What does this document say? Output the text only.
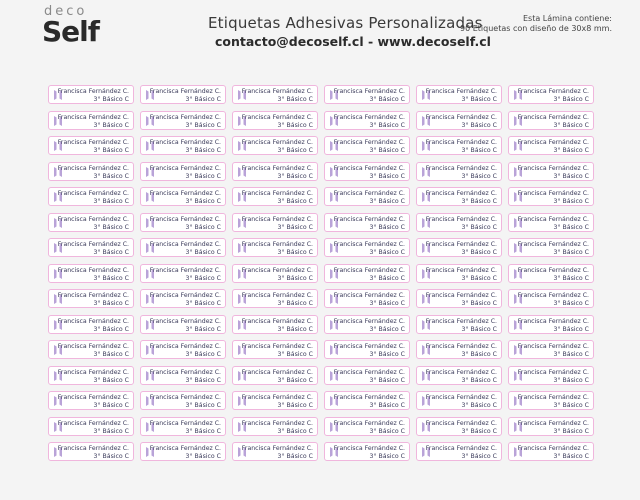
deco
Self	Etiquetas Adhesivas Personalizadas
contacto@decoself.cl - www.decoself.cl
Esta Lámina contiene:
90 Etiquetas con diseño de 30x8 mm.
Francisca Fernández C.
3° Básico C
Francisca Fernández C.
3° Básico C
Francisca Fernández C.
3° Básico C
Francisca Fernández C.
3° Básico C
Francisca Fernández C.
3° Básico C
Francisca Fernández C.
3° Básico C
Francisca Fernández C.
3° Básico C
Francisca Fernández C.
3° Básico C
Francisca Fernández C.
3° Básico C
Francisca Fernández C.
3° Básico C
Francisca Fernández C.
3° Básico C
Francisca Fernández C.
3° Básico C
Francisca Fernández C.
3° Básico C
Francisca Fernández C.
3° Básico C
Francisca Fernández C.
3° Básico C
Francisca Fernández C.
3° Básico C
Francisca Fernández C.
3° Básico C
Francisca Fernández C.
3° Básico C
Francisca Fernández C.
3° Básico C
Francisca Fernández C.
3° Básico C
Francisca Fernández C.
3° Básico C
Francisca Fernández C.
3° Básico C
Francisca Fernández C.
3° Básico C
Francisca Fernández C.
3° Básico C
Francisca Fernández C.
3° Básico C
Francisca Fernández C.
3° Básico C
Francisca Fernández C.
3° Básico C
Francisca Fernández C.
3° Básico C
Francisca Fernández C.
3° Básico C
Francisca Fernández C.
3° Básico C
Francisca Fernández C.
3° Básico C
Francisca Fernández C.
3° Básico C
Francisca Fernández C.
3° Básico C
Francisca Fernández C.
3° Básico C
Francisca Fernández C.
3° Básico C
Francisca Fernández C.
3° Básico C
Francisca Fernández C.
3° Básico C
Francisca Fernández C.
3° Básico C
Francisca Fernández C.
3° Básico C
Francisca Fernández C.
3° Básico C
Francisca Fernández C.
3° Básico C
Francisca Fernández C.
3° Básico C
Francisca Fernández C.
3° Básico C
Francisca Fernández C.
3° Básico C
Francisca Fernández C.
3° Básico C
Francisca Fernández C.
3° Básico C
Francisca Fernández C.
3° Básico C
Francisca Fernández C.
3° Básico C
Francisca Fernández C.
3° Básico C
Francisca Fernández C.
3° Básico C
Francisca Fernández C.
3° Básico C
Francisca Fernández C.
3° Básico C
Francisca Fernández C.
3° Básico C
Francisca Fernández C.
3° Básico C
Francisca Fernández C.
3° Básico C
Francisca Fernández C.
3° Básico C
Francisca Fernández C.
3° Básico C
Francisca Fernández C.
3° Básico C
Francisca Fernández C.
3° Básico C
Francisca Fernández C.
3° Básico C
Francisca Fernández C.
3° Básico C
Francisca Fernández C.
3° Básico C
Francisca Fernández C.
3° Básico C
Francisca Fernández C.
3° Básico C
Francisca Fernández C.
3° Básico C
Francisca Fernández C.
3° Básico C
Francisca Fernández C.
3° Básico C
Francisca Fernández C.
3° Básico C
Francisca Fernández C.
3° Básico C
Francisca Fernández C.
3° Básico C
Francisca Fernández C.
3° Básico C
Francisca Fernández C.
3° Básico C
Francisca Fernández C.
3° Básico C
Francisca Fernández C.
3° Básico C
Francisca Fernández C.
3° Básico C
Francisca Fernández C.
3° Básico C
Francisca Fernández C.
3° Básico C
Francisca Fernández C.
3° Básico C
Francisca Fernández C.
3° Básico C
Francisca Fernández C.
3° Básico C
Francisca Fernández C.
3° Básico C
Francisca Fernández C.
3° Básico C
Francisca Fernández C.
3° Básico C
Francisca Fernández C.
3° Básico C
Francisca Fernández C.
3° Básico C
Francisca Fernández C.
3° Básico C
Francisca Fernández C.
3° Básico C
Francisca Fernández C.
3° Básico C
Francisca Fernández C.
3° Básico C
Francisca Fernández C.
3° Básico C
